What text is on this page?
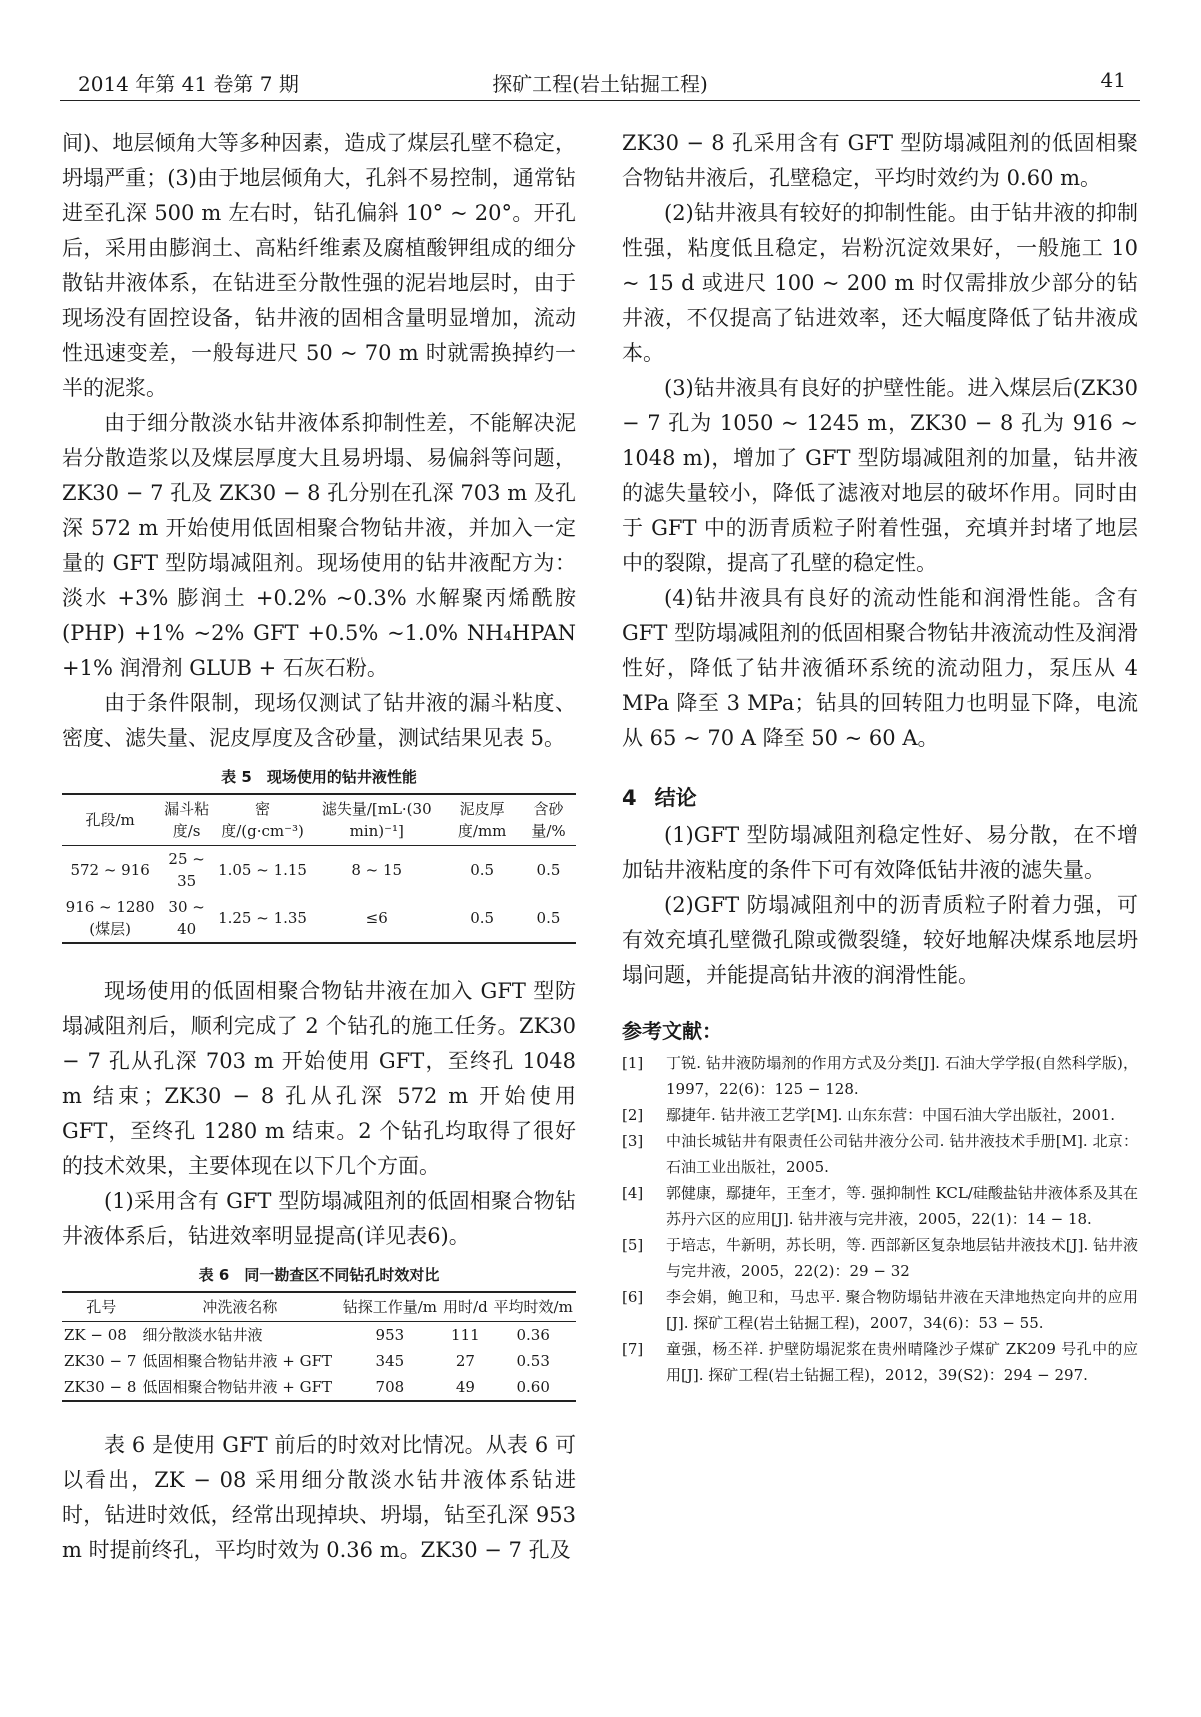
2014 年第 41 卷第 7 期	探矿工程(岩土钻掘工程)	41

间)、地层倾角大等多种因素，造成了煤层孔壁不稳定，坍塌严重；(3)由于地层倾角大，孔斜不易控制，通常钻进至孔深 500 m 左右时，钻孔偏斜 10° ~ 20°。开孔后，采用由膨润土、高粘纤维素及腐植酸钾组成的细分散钻井液体系，在钻进至分散性强的泥岩地层时，由于现场没有固控设备，钻井液的固相含量明显增加，流动性迅速变差，一般每进尺 50 ~ 70 m 时就需换掉约一半的泥浆。

由于细分散淡水钻井液体系抑制性差，不能解决泥岩分散造浆以及煤层厚度大且易坍塌、易偏斜等问题，ZK30 − 7 孔及 ZK30 − 8 孔分别在孔深 703 m 及孔深 572 m 开始使用低固相聚合物钻井液，并加入一定量的 GFT 型防塌减阻剂。现场使用的钻井液配方为：淡水 +3% 膨润土 +0.2% ~0.3% 水解聚丙烯酰胺(PHP) +1% ~2% GFT +0.5% ~1.0% NH₄HPAN +1% 润滑剂 GLUB + 石灰石粉。

由于条件限制，现场仅测试了钻井液的漏斗粘度、密度、滤失量、泥皮厚度及含砂量，测试结果见表 5。

表 5　现场使用的钻井液性能
孔段/m	漏斗粘度/s	密度/(g·cm⁻³)	滤失量/[mL·(30 min)⁻¹]	泥皮厚度/mm	含砂量/%
572 ~ 916	25 ~ 35	1.05 ~ 1.15	8 ~ 15	0.5	0.5
916 ~ 1280 (煤层)	30 ~ 40	1.25 ~ 1.35	≤6	0.5	0.5

现场使用的低固相聚合物钻井液在加入 GFT 型防塌减阻剂后，顺利完成了 2 个钻孔的施工任务。ZK30 − 7 孔从孔深 703 m 开始使用 GFT，至终孔 1048 m 结束；ZK30 − 8 孔从孔深 572 m 开始使用 GFT，至终孔 1280 m 结束。2 个钻孔均取得了很好的技术效果，主要体现在以下几个方面。

(1)采用含有 GFT 型防塌减阻剂的低固相聚合物钻井液体系后，钻进效率明显提高(详见表6)。

表 6　同一勘查区不同钻孔时效对比
孔号	冲洗液名称	钻探工作量/m	用时/d	平均时效/m
ZK − 08	细分散淡水钻井液	953	111	0.36
ZK30 − 7	低固相聚合物钻井液 + GFT	345	27	0.53
ZK30 − 8	低固相聚合物钻井液 + GFT	708	49	0.60

表 6 是使用 GFT 前后的时效对比情况。从表 6 可以看出，ZK − 08 采用细分散淡水钻井液体系钻进时，钻进时效低，经常出现掉块、坍塌，钻至孔深 953 m 时提前终孔，平均时效为 0.36 m。ZK30 − 7 孔及

ZK30 − 8 孔采用含有 GFT 型防塌减阻剂的低固相聚合物钻井液后，孔壁稳定，平均时效约为 0.60 m。

(2)钻井液具有较好的抑制性能。由于钻井液的抑制性强，粘度低且稳定，岩粉沉淀效果好，一般施工 10 ~ 15 d 或进尺 100 ~ 200 m 时仅需排放少部分的钻井液，不仅提高了钻进效率，还大幅度降低了钻井液成本。

(3)钻井液具有良好的护壁性能。进入煤层后(ZK30 − 7 孔为 1050 ~ 1245 m，ZK30 − 8 孔为 916 ~ 1048 m)，增加了 GFT 型防塌减阻剂的加量，钻井液的滤失量较小，降低了滤液对地层的破坏作用。同时由于 GFT 中的沥青质粒子附着性强，充填并封堵了地层中的裂隙，提高了孔壁的稳定性。

(4)钻井液具有良好的流动性能和润滑性能。含有 GFT 型防塌减阻剂的低固相聚合物钻井液流动性及润滑性好，降低了钻井液循环系统的流动阻力，泵压从 4 MPa 降至 3 MPa；钻具的回转阻力也明显下降，电流从 65 ~ 70 A 降至 50 ~ 60 A。

4 结论

(1)GFT 型防塌减阻剂稳定性好、易分散，在不增加钻井液粘度的条件下可有效降低钻井液的滤失量。

(2)GFT 防塌减阻剂中的沥青质粒子附着力强，可有效充填孔壁微孔隙或微裂缝，较好地解决煤系地层坍塌问题，并能提高钻井液的润滑性能。

参考文献：
[1]	丁锐. 钻井液防塌剂的作用方式及分类[J]. 石油大学学报(自然科学版)，1997，22(6)：125 − 128.
[2]	鄢捷年. 钻井液工艺学[M]. 山东东营：中国石油大学出版社，2001.
[3]	中油长城钻井有限责任公司钻井液分公司. 钻井液技术手册[M]. 北京：石油工业出版社，2005.
[4]	郭健康，鄢捷年，王奎才，等. 强抑制性 KCL/硅酸盐钻井液体系及其在苏丹六区的应用[J]. 钻井液与完井液，2005，22(1)：14 − 18.
[5]	于培志，牛新明，苏长明，等. 西部新区复杂地层钻井液技术[J]. 钻井液与完井液，2005，22(2)：29 − 32
[6]	李会娟，鲍卫和，马忠平. 聚合物防塌钻井液在天津地热定向井的应用[J]. 探矿工程(岩土钻掘工程)，2007，34(6)：53 − 55.
[7]	童强，杨丕祥. 护壁防塌泥浆在贵州晴隆沙子煤矿 ZK209 号孔中的应用[J]. 探矿工程(岩土钻掘工程)，2012，39(S2)：294 − 297.
